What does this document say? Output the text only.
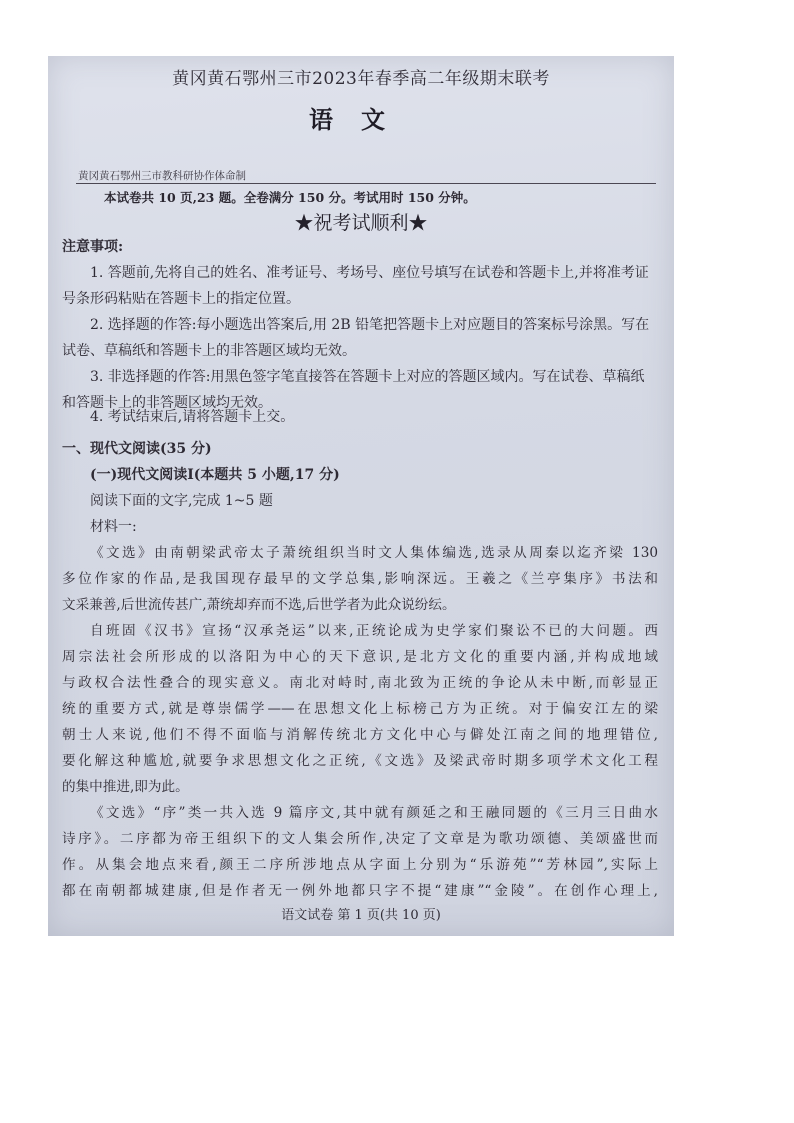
黄冈黄石鄂州三市2023年春季高二年级期末联考
语文
黄冈黄石鄂州三市教科研协作体命制
本试卷共 10 页,23 题。全卷满分 150 分。考试用时 150 分钟。
★祝考试顺利★
注意事项:
1. 答题前,先将自己的姓名、准考证号、考场号、座位号填写在试卷和答题卡上,并将准考证号条形码粘贴在答题卡上的指定位置。
2. 选择题的作答:每小题选出答案后,用 2B 铅笔把答题卡上对应题目的答案标号涂黑。写在试卷、草稿纸和答题卡上的非答题区域均无效。
3. 非选择题的作答:用黑色签字笔直接答在答题卡上对应的答题区域内。写在试卷、草稿纸和答题卡上的非答题区域均无效。
4. 考试结束后,请将答题卡上交。
一、现代文阅读(35 分)
(一)现代文阅读Ⅰ(本题共 5 小题,17 分)
阅读下面的文字,完成 1~5 题
材料一:
《文选》由南朝梁武帝太子萧统组织当时文人集体编选,选录从周秦以迄齐梁 130
多位作家的作品,是我国现存最早的文学总集,影响深远。王羲之《兰亭集序》书法和
文采兼善,后世流传甚广,萧统却弃而不选,后世学者为此众说纷纭。
自班固《汉书》宣扬“汉承尧运”以来,正统论成为史学家们聚讼不已的大问题。西
周宗法社会所形成的以洛阳为中心的天下意识,是北方文化的重要内涵,并构成地域
与政权合法性叠合的现实意义。南北对峙时,南北致为正统的争论从未中断,而彰显正
统的重要方式,就是尊崇儒学——在思想文化上标榜己方为正统。对于偏安江左的梁
朝士人来说,他们不得不面临与消解传统北方文化中心与僻处江南之间的地理错位,
要化解这种尴尬,就要争求思想文化之正统,《文选》及梁武帝时期多项学术文化工程
的集中推进,即为此。
《文选》“序”类一共入选 9 篇序文,其中就有颜延之和王融同题的《三月三日曲水
诗序》。二序都为帝王组织下的文人集会所作,决定了文章是为歌功颂德、美颂盛世而
作。从集会地点来看,颜王二序所涉地点从字面上分别为“乐游苑”“芳林园”,实际上
都在南朝都城建康,但是作者无一例外地都只字不提“建康”“金陵”。在创作心理上,
语文试卷 第 1 页(共 10 页)
